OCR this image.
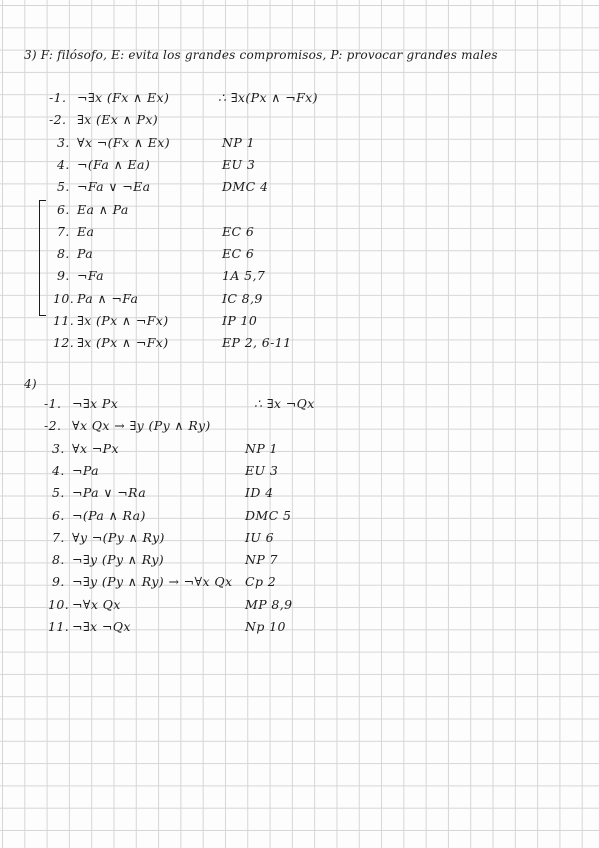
3) F: filósofo, E: evita los grandes compromisos, P: provocar grandes males
-1. ¬∃x (Fx ∧ Ex)
-2. ∃x (Ex ∧ Px)
3. ∀x ¬(Fx ∧ Ex)	NP 1
4. ¬(Fa ∧ Ea)	EU 3
5. ¬Fa ∨ ¬Ea	DMC 4
6. Ea ∧ Pa
7. Ea	EC 6
8. Pa	EC 6
9. ¬Fa	1A 5,7
10. Pa ∧ ¬Fa	IC 8,9
11. ∃x (Px ∧ ¬Fx)	IP 10
12. ∃x (Px ∧ ¬Fx)	EP 2, 6-11
∴ ∃x(Px ∧ ¬Fx)
4)
-1. ¬∃x Px
-2. ∀x Qx → ∃y (Py ∧ Ry)
3. ∀x ¬Px	NP 1
4. ¬Pa	EU 3
5. ¬Pa ∨ ¬Ra	ID 4
6. ¬(Pa ∧ Ra)	DMC 5
7. ∀y ¬(Py ∧ Ry)	IU 6
8. ¬∃y (Py ∧ Ry)	NP 7
9. ¬∃y (Py ∧ Ry) → ¬∀x Qx Cp 2
10. ¬∀x Qx	MP 8,9
11. ¬∃x ¬Qx	Np 10
∴ ∃x ¬Qx
